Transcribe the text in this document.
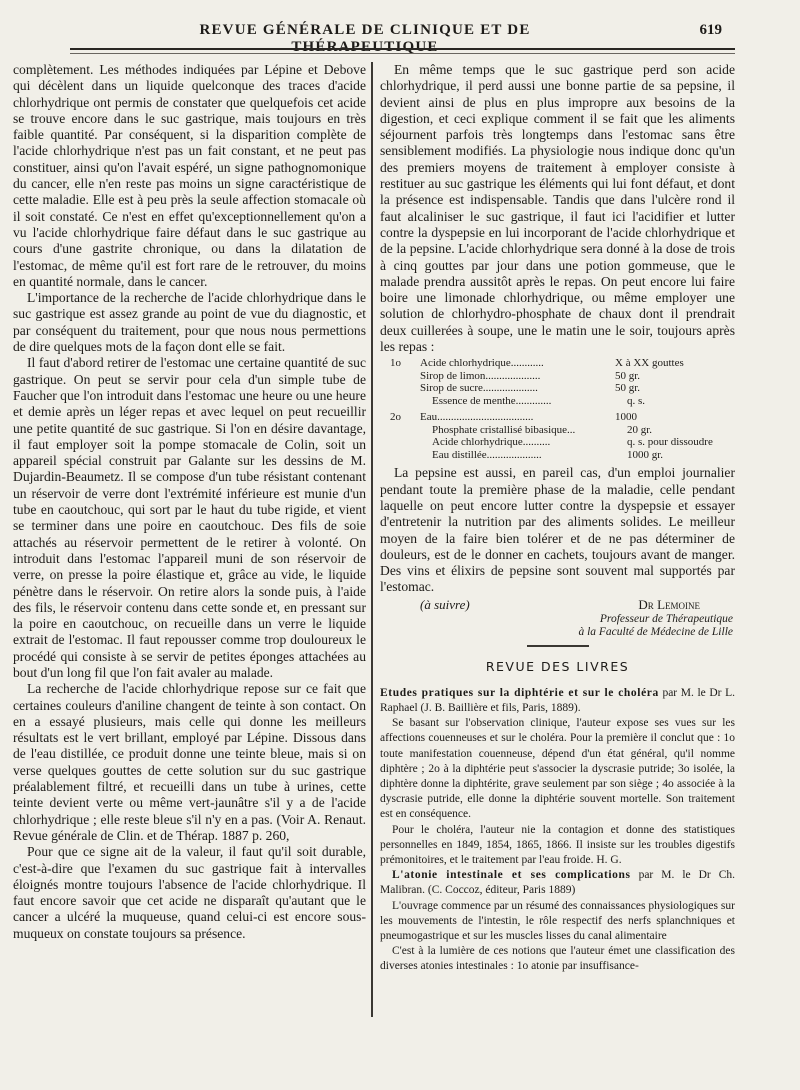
REVUE GÉNÉRALE DE CLINIQUE ET DE THÉRAPEUTIQUE
619

complètement. Les méthodes indiquées par Lépine et Debove qui décèlent dans un liquide quelconque des traces d'acide chlorhydrique ont permis de constater que quelquefois cet acide se trouve encore dans le suc gastrique, mais toujours en très faible quantité. Par conséquent, si la disparition complète de l'acide chlorhydrique n'est pas un fait constant, et ne peut pas constituer, ainsi qu'on l'avait espéré, un signe pathognomonique du cancer, elle n'en reste pas moins un signe caractéristique de cette maladie. Elle est à peu près la seule affection stomacale où il soit constaté. Ce n'est en effet qu'exceptionnellement qu'on a vu l'acide chlorhydrique faire défaut dans le suc gastrique au cours d'une gastrite chronique, ou dans la dilatation de l'estomac, de même qu'il est fort rare de le retrouver, du moins en quantité normale, dans le cancer.

L'importance de la recherche de l'acide chlorhydrique dans le suc gastrique est assez grande au point de vue du diagnostic, et par conséquent du traitement, pour que nous nous permettions de dire quelques mots de la façon dont elle se fait.

Il faut d'abord retirer de l'estomac une certaine quantité de suc gastrique. On peut se servir pour cela d'un simple tube de Faucher que l'on introduit dans l'estomac une heure ou une heure et demie après un léger repas et avec lequel on peut recueillir une petite quantité de suc gastrique. Si l'on en désire davantage, il faut employer soit la pompe stomacale de Colin, soit un appareil spécial construit par Galante sur les dessins de M. Dujardin-Beaumetz. Il se compose d'un tube résistant contenant un réservoir de verre dont l'extrémité inférieure est munie d'un tube en caoutchouc, qui sort par le haut du tube rigide, et vient se terminer dans une poire en caoutchouc. Des fils de soie attachés au réservoir permettent de le retirer à volonté. On introduit dans l'estomac l'appareil muni de son réservoir de verre, on presse la poire élastique et, grâce au vide, le liquide pénètre dans le réservoir. On retire alors la sonde puis, à l'aide des fils, le réservoir contenu dans cette sonde et, en pressant sur la poire en caoutchouc, on recueille dans un verre le liquide extrait de l'estomac. Il faut repousser comme trop douloureux le procédé qui consiste à se servir de petites éponges attachées au bout d'un long fil que l'on fait avaler au malade.

La recherche de l'acide chlorhydrique repose sur ce fait que certaines couleurs d'aniline changent de teinte à son contact. On en a essayé plusieurs, mais celle qui donne les meilleurs résultats est le vert brillant, employé par Lépine. Dissous dans de l'eau distillée, ce produit donne une teinte bleue, mais si on verse quelques gouttes de cette solution sur du suc gastrique préalablement filtré, et recueilli dans un tube à urines, cette teinte devient verte ou même vert-jaunâtre s'il y a de l'acide chlorhydrique ; elle reste bleue s'il n'y en a pas. (Voir A. Renaut. Revue générale de Clin. et de Thérap. 1887 p. 260,

Pour que ce signe ait de la valeur, il faut qu'il soit durable, c'est-à-dire que l'examen du suc gastrique fait à intervalles éloignés montre toujours l'absence de l'acide chlorhydrique. Il faut encore savoir que cet acide ne disparaît qu'autant que le cancer a ulcéré la muqueuse, quand celui-ci est encore sous-muqueux on constate toujours sa présence.

En même temps que le suc gastrique perd son acide chlorhydrique, il perd aussi une bonne partie de sa pepsine, il devient ainsi de plus en plus impropre aux besoins de la digestion, et ceci explique comment il se fait que les aliments séjournent parfois très longtemps dans l'estomac sans être sensiblement modifiés. La physiologie nous indique donc qu'un des premiers moyens de traitement à employer consiste à restituer au suc gastrique les éléments qui lui font défaut, et dont la présence est indispensable. Tandis que dans l'ulcère rond il faut alcaliniser le suc gastrique, il faut ici l'acidifier et lutter contre la dyspepsie en lui incorporant de l'acide chlorhydrique et de la pepsine. L'acide chlorhydrique sera donné à la dose de trois à cinq gouttes par jour dans une potion gommeuse, que le malade prendra aussitôt après le repas. On peut encore lui faire boire une limonade chlorhydrique, ou même employer une solution de chlorhydro-phosphate de chaux dont il prendrait deux cuillerées à soupe, une le matin une le soir, toujours après les repas :

1o	Acide chlorhydrique............	X à XX gouttes
Sirop de limon....................	50 gr.
Sirop de sucre....................	50 gr.
Essence de menthe.............	q. s.
2o	Eau...................................	1000
Phosphate cristallisé bibasique...	20 gr.
Acide chlorhydrique..........	q. s. pour dissoudre
Eau distillée....................	1000 gr.

La pepsine est aussi, en pareil cas, d'un emploi journalier pendant toute la première phase de la maladie, celle pendant laquelle on peut encore lutter contre la dyspepsie et essayer d'entretenir la nutrition par des aliments solides. Le meilleur moyen de la faire bien tolérer et de ne pas déterminer de douleurs, est de le donner en cachets, toujours avant de manger. Des vins et élixirs de pepsine sont souvent mal supportés par l'estomac.

(à suivre)	Dr Lemoine
Professeur de Thérapeutique
à la Faculté de Médecine de Lille
REVUE DES LIVRES

Etudes pratiques sur la diphtérie et sur le choléra par M. le Dr L. Raphael (J. B. Baillière et fils, Paris, 1889).

Se basant sur l'observation clinique, l'auteur expose ses vues sur les affections couenneuses et sur le choléra. Pour la première il conclut que : 1o toute manifestation couenneuse, dépend d'un état général, qu'il nomme diphtère ; 2o à la diphtérie peut s'associer la dyscrasie putride; 3o isolée, la diphtère donne la diphtérite, grave seulement par son siège ; 4o associée à la dyscrasie putride, elle donne la diphtérie souvent mortelle. Son traitement est en conséquence.

Pour le choléra, l'auteur nie la contagion et donne des statistiques personnelles en 1849, 1854, 1865, 1866. Il insiste sur les troubles digestifs prémonitoires, et le traitement par l'eau froide. H. G.

L'atonie intestinale et ses complications par M. le Dr Ch. Malibran. (C. Coccoz, éditeur, Paris 1889)

L'ouvrage commence par un résumé des connaissances physiologiques sur les mouvements de l'intestin, le rôle respectif des nerfs splanchniques et pneumogastrique et sur les muscles lisses du canal alimentaire

C'est à la lumière de ces notions que l'auteur émet une classification des diverses atonies intestinales : 1o atonie par insuffisance-
